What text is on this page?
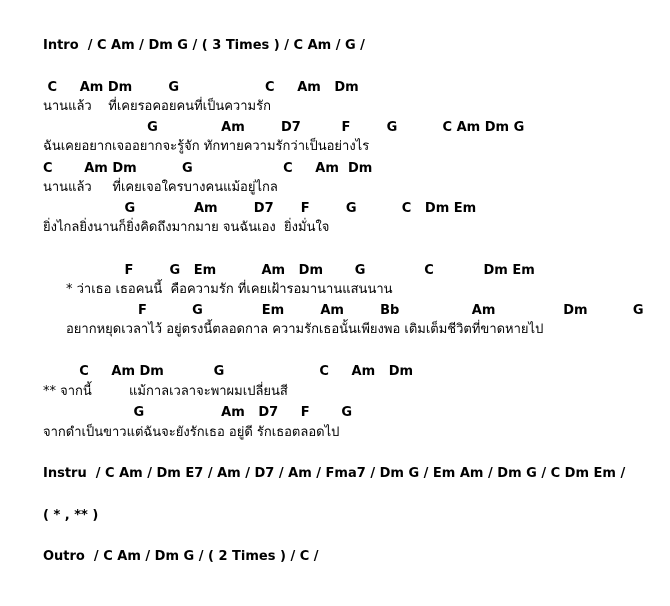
Intro  / C Am / Dm G / ( 3 Times ) / C Am / G /
C     Am Dm        G                   C     Am   Dm
นานแล้ว    ที่เคยรอคอยคนที่เป็นความรัก
G              Am        D7         F        G          C Am Dm G
ฉันเคยอยากเจออยากจะรู้จัก ทักทายความรักว่าเป็นอย่างไร
C       Am Dm          G                    C     Am  Dm
นานแล้ว     ที่เคยเจอใครบางคนแม้อยู่ไกล
G             Am        D7      F        G          C   Dm Em
ยิ่งไกลยิ่งนานก็ยิ่งคิดถึงมากมาย จนฉันเอง  ยิ่งมั่นใจ
F        G   Em          Am   Dm       G             C           Dm Em
* ว่าเธอ เธอคนนี้  คือความรัก ที่เคยเฝ้ารอมานานแสนนาน
F          G             Em        Am        Bb                Am               Dm          G
อยากหยุดเวลาไว้ อยู่ตรงนี้ตลอดกาล ความรักเธอนั้นเพียงพอ เติมเต็มชีวิตที่ขาดหายไป
C     Am Dm           G                     C     Am   Dm
** จากนี้         แม้กาลเวลาจะพาผมเปลี่ยนสี
G                 Am   D7     F       G
จากดำเป็นขาวแต่ฉันจะยังรักเธอ อยู่ดี รักเธอตลอดไป
Instru  / C Am / Dm E7 / Am / D7 / Am / Fma7 / Dm G / Em Am / Dm G / C Dm Em /
( * , ** )
Outro  / C Am / Dm G / ( 2 Times ) / C /
